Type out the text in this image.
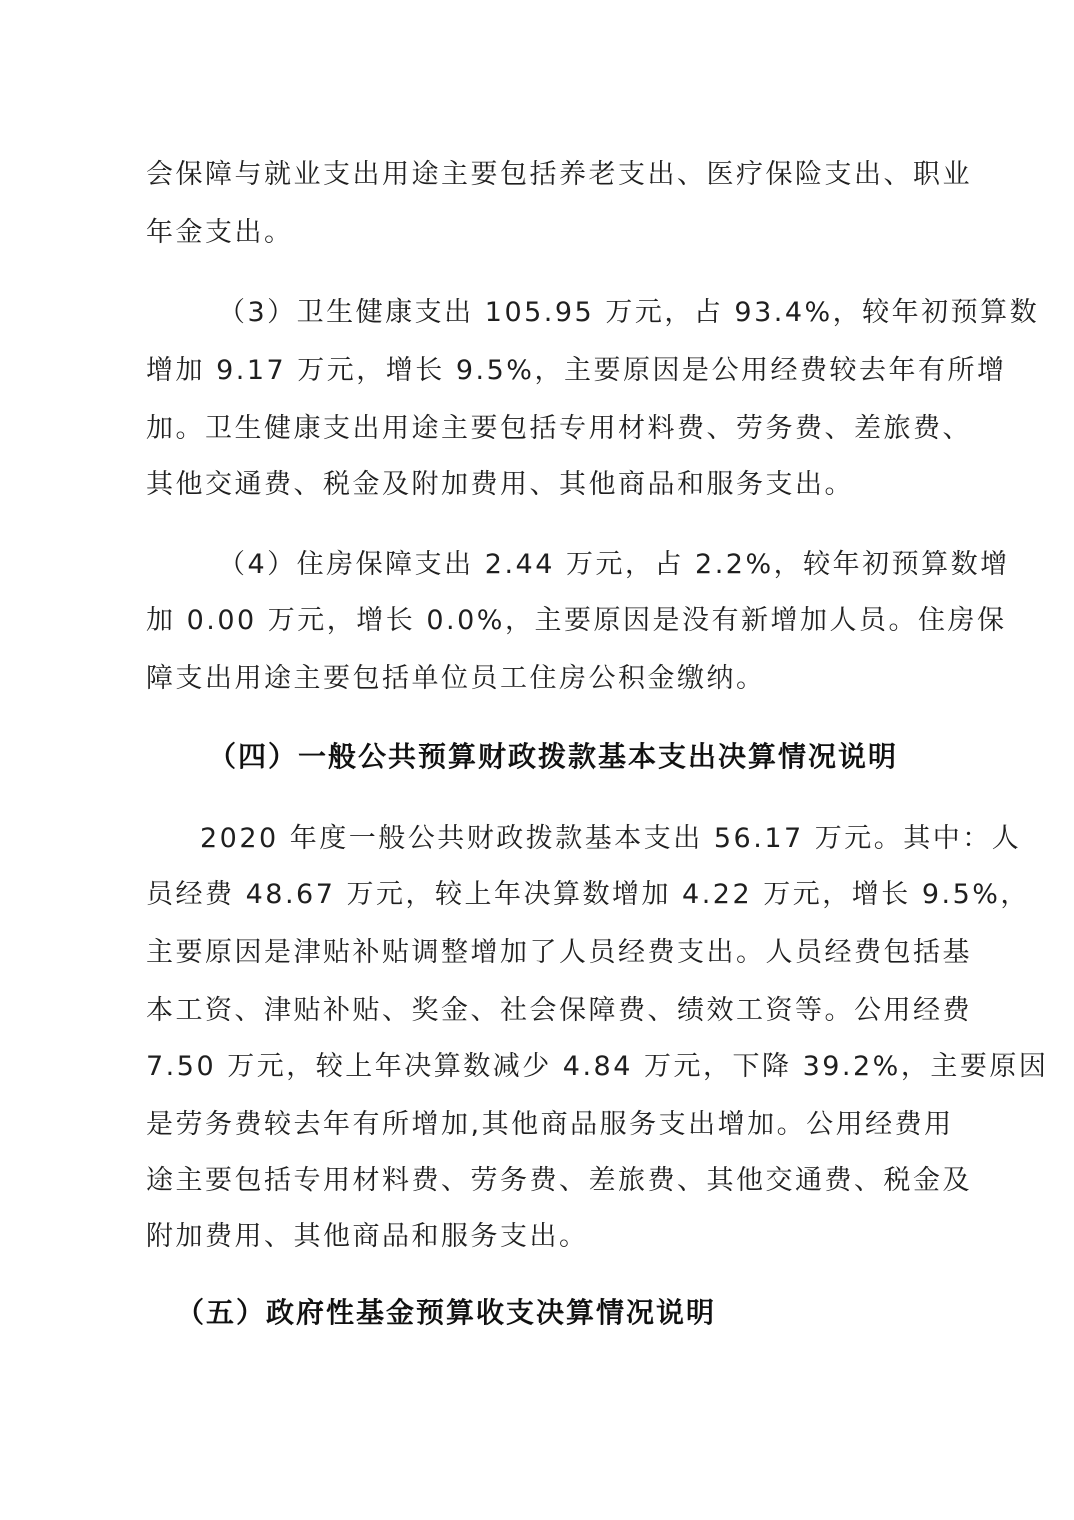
会保障与就业支出用途主要包括养老支出、医疗保险支出、职业
年金支出。
（3）卫生健康支出 105.95 万元，占 93.4%，较年初预算数
增加 9.17 万元，增长 9.5%，主要原因是公用经费较去年有所增
加。卫生健康支出用途主要包括专用材料费、劳务费、差旅费、
其他交通费、税金及附加费用、其他商品和服务支出。
（4）住房保障支出 2.44 万元，占 2.2%，较年初预算数增
加 0.00 万元，增长 0.0%，主要原因是没有新增加人员。住房保
障支出用途主要包括单位员工住房公积金缴纳。
（四）一般公共预算财政拨款基本支出决算情况说明
2020 年度一般公共财政拨款基本支出 56.17 万元。其中：人
员经费 48.67 万元，较上年决算数增加 4.22 万元，增长 9.5%，
主要原因是津贴补贴调整增加了人员经费支出。人员经费包括基
本工资、津贴补贴、奖金、社会保障费、绩效工资等。公用经费
7.50 万元，较上年决算数减少 4.84 万元，下降 39.2%，主要原因
是劳务费较去年有所增加,其他商品服务支出增加。公用经费用
途主要包括专用材料费、劳务费、差旅费、其他交通费、税金及
附加费用、其他商品和服务支出。
（五）政府性基金预算收支决算情况说明
